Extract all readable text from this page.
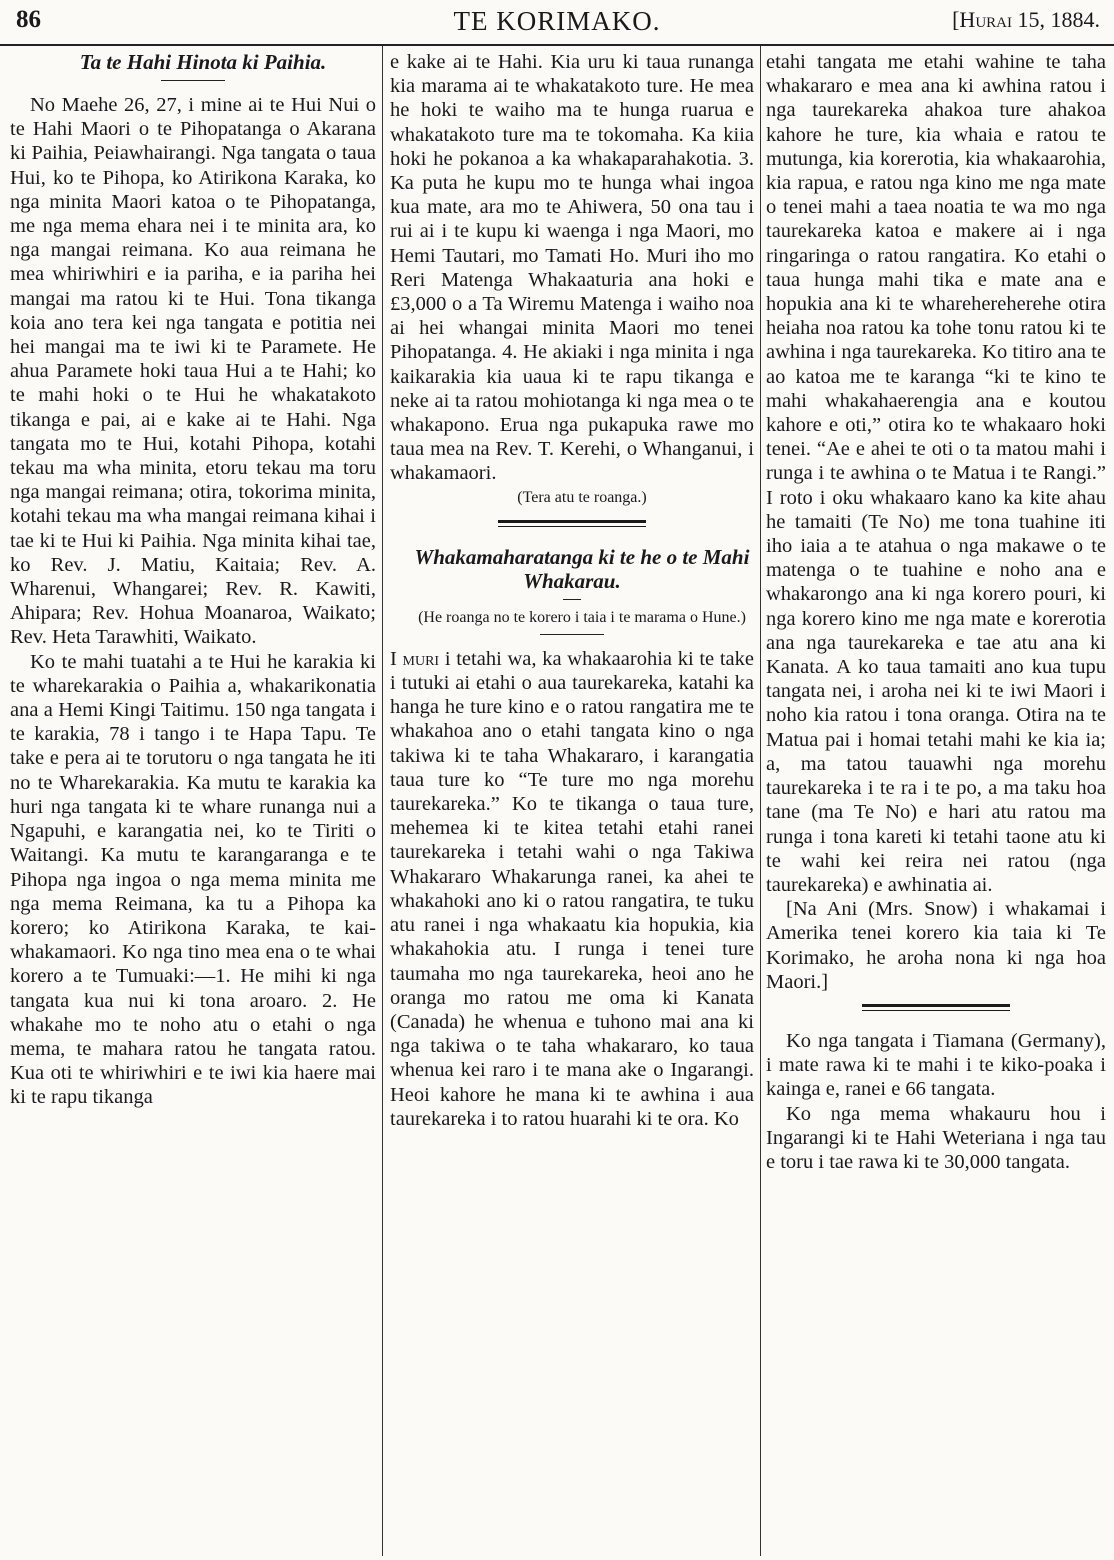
86	TE KORIMAKO.	[Hurai 15, 1884.

Ta te Hahi Hinota ki Paihia.

No Maehe 26, 27, i mine ai te Hui Nui o te Hahi Maori o te Pihopatanga o Akarana ki Paihia, Peiawhairangi. Nga tangata o taua Hui, ko te Pihopa, ko Atirikona Karaka, ko nga minita Maori katoa o te Pihopatanga, me nga mema ehara nei i te minita ara, ko nga mangai reimana. Ko aua reimana he mea whiriwhiri e ia pariha, e ia pariha hei mangai ma ratou ki te Hui. Tona tikanga koia ano tera kei nga tangata e potitia nei hei mangai ma te iwi ki te Paramete. He ahua Paramete hoki taua Hui a te Hahi; ko te mahi hoki o te Hui he whakatakoto tikanga e pai, ai e kake ai te Hahi. Nga tangata mo te Hui, kotahi Pihopa, kotahi tekau ma wha minita, etoru tekau ma toru nga mangai reimana; otira, tokorima minita, kotahi tekau ma wha mangai reimana kihai i tae ki te Hui ki Paihia. Nga minita kihai tae, ko Rev. J. Matiu, Kaitaia; Rev. A. Wharenui, Whangarei; Rev. R. Kawiti, Ahipara; Rev. Hohua Moanaroa, Waikato; Rev. Heta Tarawhiti, Waikato.

Ko te mahi tuatahi a te Hui he karakia ki te wharekarakia o Paihia a, whakarikonatia ana a Hemi Kingi Taitimu. 150 nga tangata i te karakia, 78 i tango i te Hapa Tapu. Te take e pera ai te torutoru o nga tangata he iti no te Wharekarakia. Ka mutu te karakia ka huri nga tangata ki te whare runanga nui a Ngapuhi, e karangatia nei, ko te Tiriti o Waitangi. Ka mutu te karangaranga e te Pihopa nga ingoa o nga mema minita me nga mema Reimana, ka tu a Pihopa ka korero; ko Atirikona Karaka, te kai-whakamaori. Ko nga tino mea ena o te whai korero a te Tumuaki:—1. He mihi ki nga tangata kua nui ki tona aroaro. 2. He whakahe mo te noho atu o etahi o nga mema, te mahara ratou he tangata ratou. Kua oti te whiriwhiri e te iwi kia haere mai ki te rapu tikanga

e kake ai te Hahi. Kia uru ki taua runanga kia marama ai te whakatakoto ture. He mea he hoki te waiho ma te hunga ruarua e whakatakoto ture ma te tokomaha. Ka kiia hoki he pokanoa a ka whakaparahakotia. 3. Ka puta he kupu mo te hunga whai ingoa kua mate, ara mo te Ahiwera, 50 ona tau i rui ai i te kupu ki waenga i nga Maori, mo Hemi Tautari, mo Tamati Ho. Muri iho mo Reri Matenga Whakaaturia ana hoki e £3,000 o a Ta Wiremu Matenga i waiho noa ai hei whangai minita Maori mo tenei Pihopatanga. 4. He akiaki i nga minita i nga kaikarakia kia uaua ki te rapu tikanga e neke ai ta ratou mohiotanga ki nga mea o te whakapono. Erua nga pukapuka rawe mo taua mea na Rev. T. Kerehi, o Whanganui, i whakamaori.

(Tera atu te roanga.)

Whakamaharatanga ki te he o te Mahi Whakarau.

(He roanga no te korero i taia i te marama o Hune.)

I muri i tetahi wa, ka whakaarohia ki te take i tutuki ai etahi o aua taurekareka, katahi ka hanga he ture kino e o ratou rangatira me te whakahoa ano o etahi tangata kino o nga takiwa ki te taha Whakararo, i karangatia taua ture ko “Te ture mo nga morehu taurekareka.” Ko te tikanga o taua ture, mehemea ki te kitea tetahi etahi ranei taurekareka i tetahi wahi o nga Takiwa Whakararo Whakarunga ranei, ka ahei te whakahoki ano ki o ratou rangatira, te tuku atu ranei i nga whakaatu kia hopukia, kia whakahokia atu. I runga i tenei ture taumaha mo nga taurekareka, heoi ano he oranga mo ratou me oma ki Kanata (Canada) he whenua e tuhono mai ana ki nga takiwa o te taha whakararo, ko taua whenua kei raro i te mana ake o Ingarangi. Heoi kahore he mana ki te awhina i aua taurekareka i to ratou huarahi ki te ora. Ko

etahi tangata me etahi wahine te taha whakararo e mea ana ki awhina ratou i nga taurekareka ahakoa ture ahakoa kahore he ture, kia whaia e ratou te mutunga, kia korerotia, kia whakaarohia, kia rapua, e ratou nga kino me nga mate o tenei mahi a taea noatia te wa mo nga taurekareka katoa e makere ai i nga ringaringa o ratou rangatira. Ko etahi o taua hunga mahi tika e mate ana e hopukia ana ki te wharehereherehe otira heiaha noa ratou ka tohe tonu ratou ki te awhina i nga taurekareka. Ko titiro ana te ao katoa me te karanga “ki te kino te mahi whakahaerengia ana e koutou kahore e oti,” otira ko te whakaaro hoki tenei. “Ae e ahei te oti o ta matou mahi i runga i te awhina o te Matua i te Rangi.” I roto i oku whakaaro kano ka kite ahau he tamaiti (Te No) me tona tuahine iti iho iaia a te atahua o nga makawe o te matenga o te tuahine e noho ana e whakarongo ana ki nga korero pouri, ki nga korero kino me nga mate e korerotia ana nga taurekareka e tae atu ana ki Kanata. A ko taua tamaiti ano kua tupu tangata nei, i aroha nei ki te iwi Maori i noho kia ratou i tona oranga. Otira na te Matua pai i homai tetahi mahi ke kia ia; a, ma tatou tauawhi nga morehu taurekareka i te ra i te po, a ma taku hoa tane (ma Te No) e hari atu ratou ma runga i tona kareti ki tetahi taone atu ki te wahi kei reira nei ratou (nga taurekareka) e awhinatia ai.

[Na Ani (Mrs. Snow) i whakamai i Amerika tenei korero kia taia ki Te Korimako, he aroha nona ki nga hoa Maori.]

Ko nga tangata i Tiamana (Germany), i mate rawa ki te mahi i te kiko-poaka i kainga e, ranei e 66 tangata.

Ko nga mema whakauru hou i Ingarangi ki te Hahi Weteriana i nga tau e toru i tae rawa ki te 30,000 tangata.
